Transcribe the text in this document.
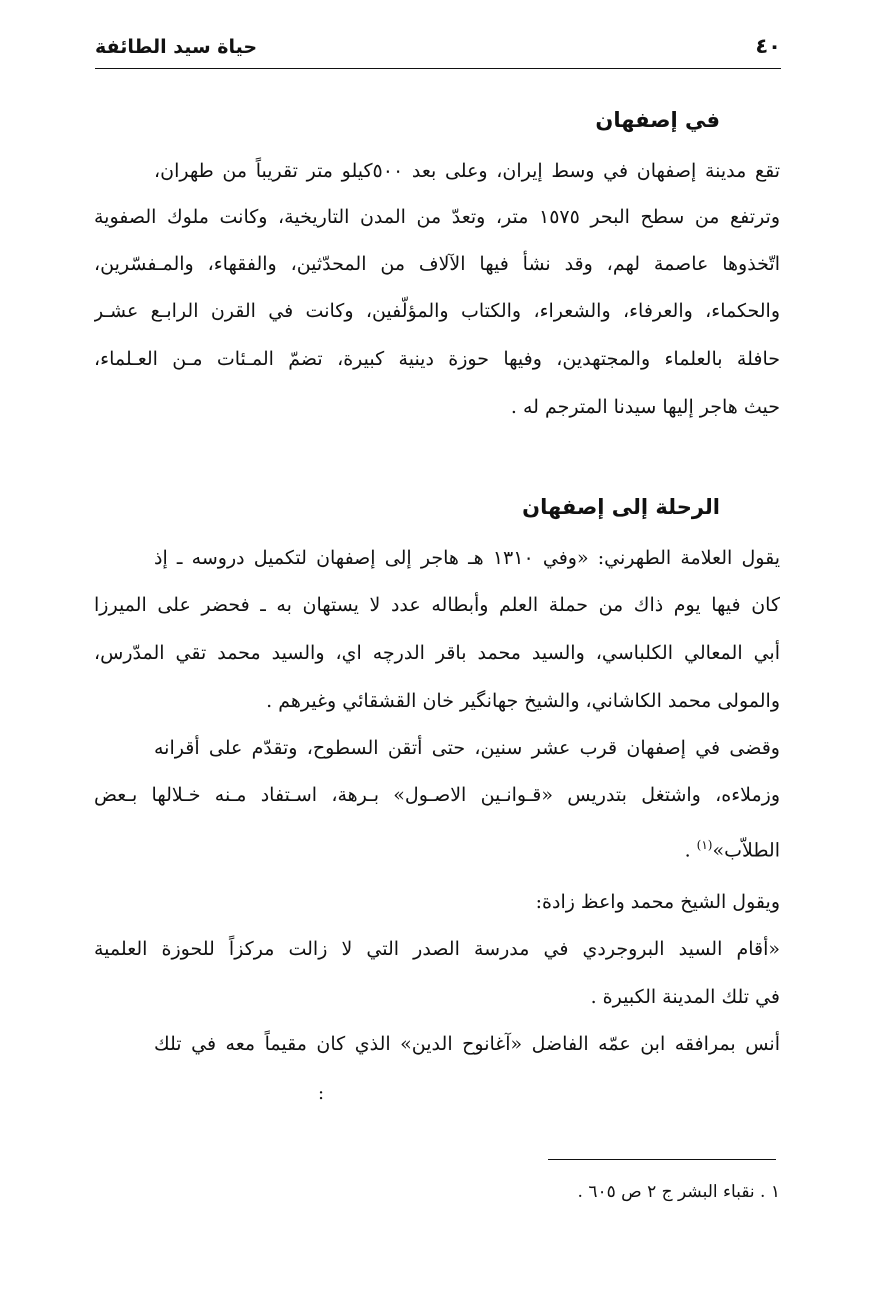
حياة سيد الطائفة	٤٠
في إصفهان
تقع مدينة إصفهان في وسط إيران، وعلى بعد ٥٠٠كيلو متر تقريباً من طهران،
وترتفع من سطح البحر ١٥٧٥ متر، وتعدّ من المدن التاريخية، وكانت ملوك الصفوية
اتّخذوها عاصمة لهم، وقد نشأ فيها الآلاف من المحدّثين، والفقهاء، والمـفسّرين،
والحكماء، والعرفاء، والشعراء، والكتاب والمؤلّفين، وكانت في القرن الرابـع عشـر
حافلة بالعلماء والمجتهدين، وفيها حوزة دينية كبيرة، تضمّ المـئات مـن العـلماء،
حيث هاجر إليها سيدنا المترجم له .
الرحلة إلى إصفهان
يقول العلامة الطهرني: «وفي ١٣١٠ هـ هاجر إلى إصفهان لتكميل دروسه ـ إذ
كان فيها يوم ذاك من حملة العلم وأبطاله عدد لا يستهان به ـ فحضر على الميرزا
أبي المعالي الكلباسي، والسيد محمد باقر الدرچه اي، والسيد محمد تقي المدّرس،
والمولى محمد الكاشاني، والشيخ جهانگير خان القشقائي وغيرهم .
وقضى في إصفهان قرب عشر سنين، حتى أتقن السطوح، وتقدّم على أقرانه
وزملاءه، واشتغل بتدريس «قـوانـين الاصـول» بـرهة، اسـتفاد مـنه خـلالها بـعض
الطلاّب»$^{(١)}$ .
ويقول الشيخ محمد واعظ زادة:
«أقام السيد البروجردي في مدرسة الصدر التي لا زالت مركزاً للحوزة العلمية
في تلك المدينة الكبيرة .
أنس بمرافقه ابن عمّه الفاضل «آغانوح الدين» الذي كان مقيماً معه في تلك
:
١ . نقباء البشر ج ٢ ص ٦٠٥ .
